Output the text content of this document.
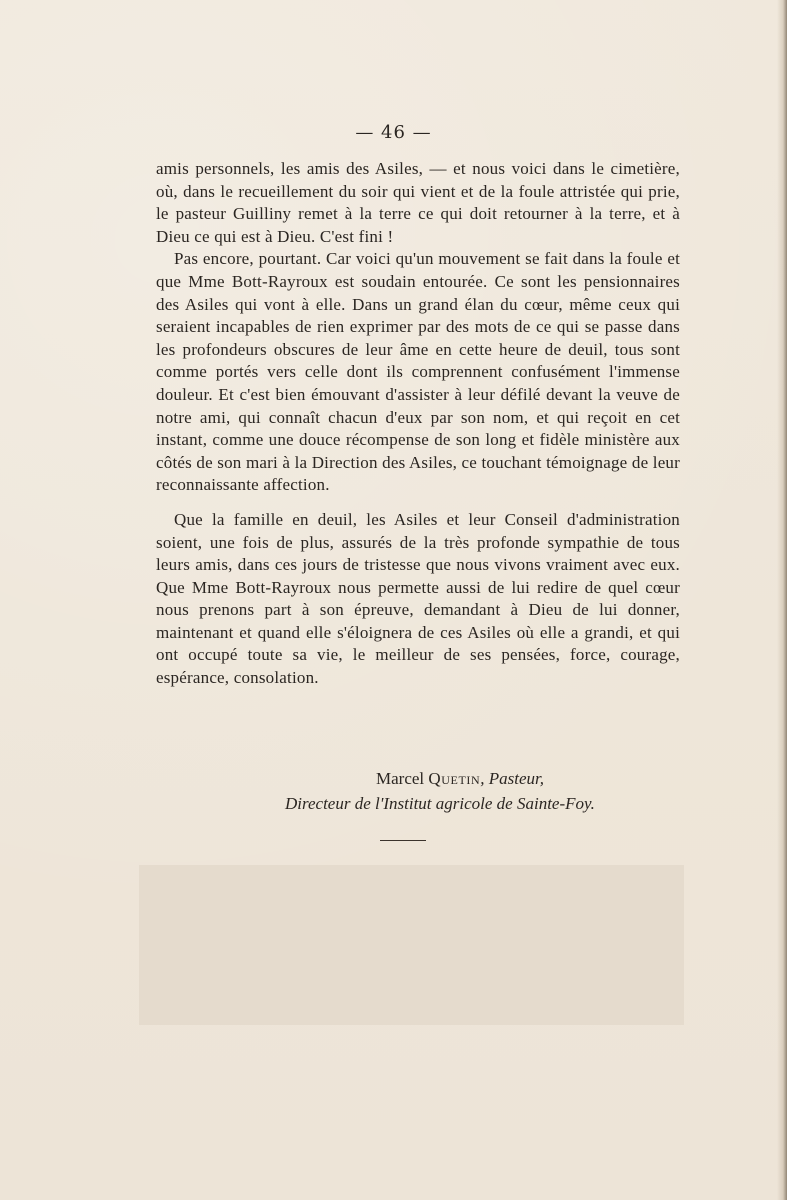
— 46 —

amis personnels, les amis des Asiles, — et nous voici dans le cimetière, où, dans le recueillement du soir qui vient et de la foule attristée qui prie, le pasteur Guilliny remet à la terre ce qui doit retourner à la terre, et à Dieu ce qui est à Dieu. C'est fini !

Pas encore, pourtant. Car voici qu'un mouvement se fait dans la foule et que Mme Bott-Rayroux est soudain entourée. Ce sont les pensionnaires des Asiles qui vont à elle. Dans un grand élan du cœur, même ceux qui seraient incapables de rien exprimer par des mots de ce qui se passe dans les profondeurs obscures de leur âme en cette heure de deuil, tous sont comme portés vers celle dont ils comprennent confusément l'immense douleur. Et c'est bien émouvant d'assister à leur défilé devant la veuve de notre ami, qui connaît chacun d'eux par son nom, et qui reçoit en cet instant, comme une douce récompense de son long et fidèle ministère aux côtés de son mari à la Direction des Asiles, ce touchant témoignage de leur reconnaissante affection.

Que la famille en deuil, les Asiles et leur Conseil d'administration soient, une fois de plus, assurés de la très profonde sympathie de tous leurs amis, dans ces jours de tristesse que nous vivons vraiment avec eux. Que Mme Bott-Rayroux nous permette aussi de lui redire de quel cœur nous prenons part à son épreuve, demandant à Dieu de lui donner, maintenant et quand elle s'éloignera de ces Asiles où elle a grandi, et qui ont occupé toute sa vie, le meilleur de ses pensées, force, courage, espérance, consolation.

Marcel Quetin, Pasteur,
Directeur de l'Institut agricole de Sainte-Foy.
